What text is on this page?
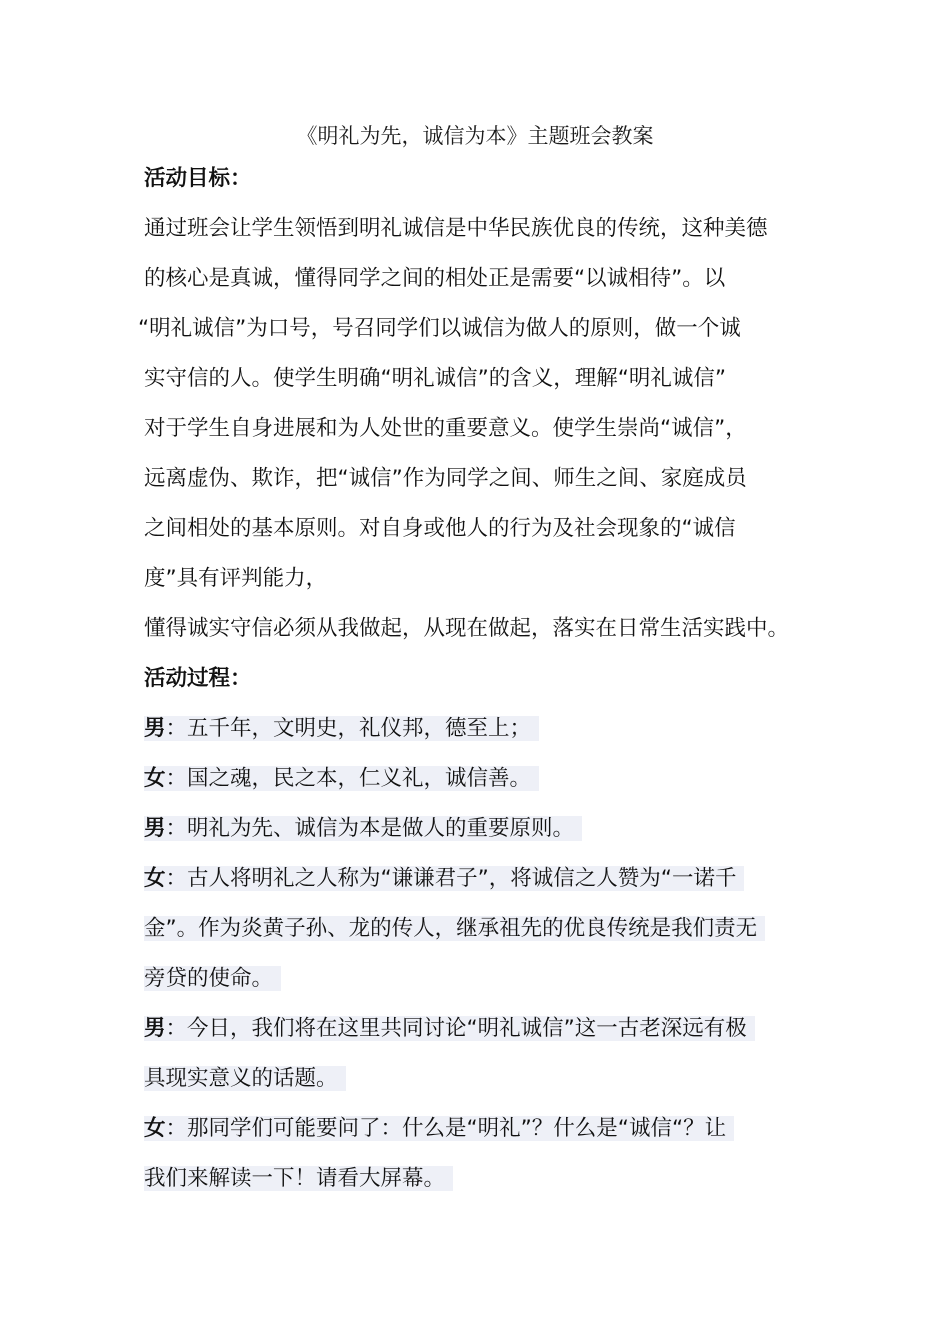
《明礼为先，诚信为本》主题班会教案
活动目标：

通过班会让学生领悟到明礼诚信是中华民族优良的传统，这种美德

的核心是真诚，懂得同学之间的相处正是需要“以诚相待”。以

“明礼诚信”为口号，号召同学们以诚信为做人的原则，做一个诚

实守信的人。使学生明确“明礼诚信”的含义，理解“明礼诚信”

对于学生自身进展和为人处世的重要意义。使学生崇尚“诚信”，

远离虚伪、欺诈，把“诚信”作为同学之间、师生之间、家庭成员

之间相处的基本原则。对自身或他人的行为及社会现象的“诚信

度”具有评判能力，

懂得诚实守信必须从我做起，从现在做起，落实在日常生活实践中。

活动过程：

男：五千年，文明史，礼仪邦，德至上；

女：国之魂，民之本，仁义礼，诚信善。

男：明礼为先、诚信为本是做人的重要原则。

女：古人将明礼之人称为“谦谦君子”，将诚信之人赞为“一诺千

金”。作为炎黄子孙、龙的传人，继承祖先的优良传统是我们责无

旁贷的使命。

男：今日，我们将在这里共同讨论“明礼诚信”这一古老深远有极

具现实意义的话题。

女：那同学们可能要问了：什么是“明礼”？什么是“诚信“？让

我们来解读一下！请看大屏幕。
